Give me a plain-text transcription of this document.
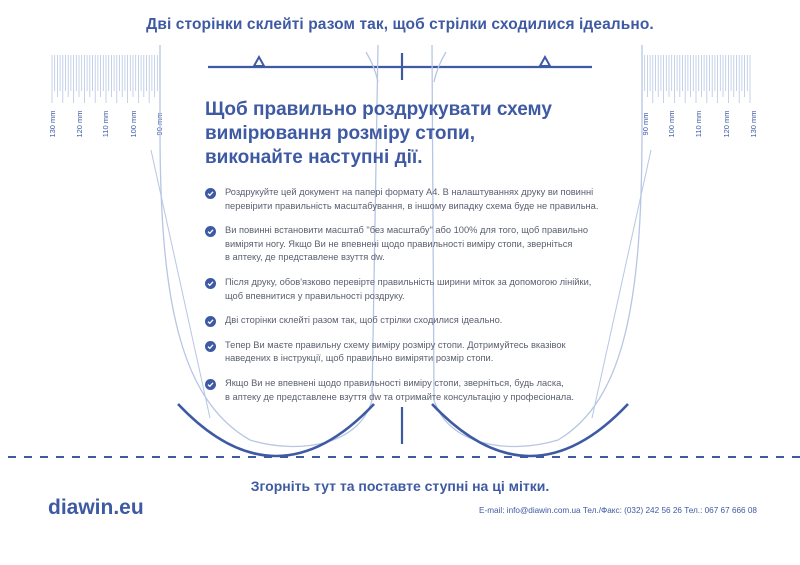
Дві сторінки склейті разом так, щоб стрілки сходилися ідеально.
130 mm 120 mm 110 mm	100 mm 90 mm	90 mm 100 mm 110 mm	120 mm 130 mm
Щоб правильно роздрукувати схему
вимірювання розміру стопи,
виконайте наступні дії.
Роздрукуйте цей документ на папері формату А4. В налаштуваннях друку ви повинні
перевірити правильність масштабування, в іншому випадку схема буде не правильна.
Ви повинні встановити масштаб "без масштабу" або 100% для того, щоб правильно
виміряти ногу. Якщо Ви не впевнені щодо правильності виміру стопи, зверніться
в аптеку, де представлене взуття dw.
Після друку, обов'язково перевірте правильність ширини міток за допомогою лінійки,
щоб впевнитися у правильності роздруку.
Дві сторінки склейті разом так, щоб стрілки сходилися ідеально.
Тепер Ви маєте правильну схему виміру розміру стопи. Дотримуйтесь вказівок
наведених в інструкції, щоб правильно виміряти розмір стопи.
Якщо Ви не впевнені щодо правильності виміру стопи, зверніться, будь ласка,
в аптеку де представлене взуття dw та отримайте консультацію у професіонала.
Згорніть тут та поставте ступні на ці мітки.
diawin.eu	E-mail: info@diawin.com.ua Тел./Факс: (032) 242 56 26 Тел.: 067 67 666 08
